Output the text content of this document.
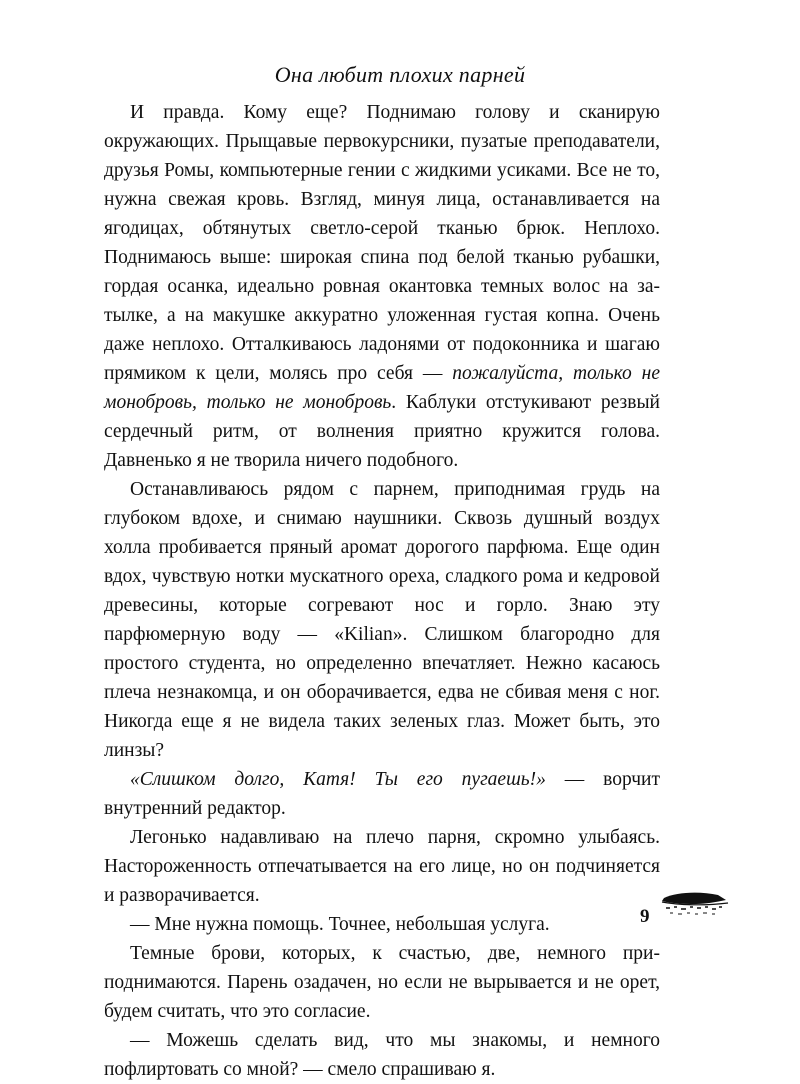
Она любит плохих парней

И правда. Кому еще? Поднимаю голову и сканирую окружающих. Прыщавые первокурсники, пузатые преподаватели, друзья Ромы, компьютерные гении с жидкими усиками. Все не то, нужна свежая кровь. Взгляд, минуя лица, останавливается на ягодицах, обтянутых светло-серой тканью брюк. Неплохо. Поднимаюсь выше: широкая спина под белой тканью рубашки, гордая осанка, идеально ровная окантовка темных волос на затылке, а на макушке аккуратно уложенная густая копна. Очень даже неплохо. Отталкиваюсь ладонями от подоконника и шагаю прямиком к цели, молясь про себя — пожалуйста, только не монобровь, только не монобровь. Каблуки отстукивают резвый сердечный ритм, от волнения приятно кружится голова. Давненько я не творила ничего подобного.

Останавливаюсь рядом с парнем, приподнимая грудь на глубоком вдохе, и снимаю наушники. Сквозь душный воздух холла пробивается пряный аромат дорогого парфюма. Еще один вдох, чувствую нотки мускатного ореха, сладкого рома и кедровой древесины, которые согревают нос и горло. Знаю эту парфюмерную воду — «Kilian». Слишком благородно для простого студента, но определенно впечатляет. Нежно касаюсь плеча незнакомца, и он оборачивается, едва не сбивая меня с ног. Никогда еще я не видела таких зеленых глаз. Может быть, это линзы?

«Слишком долго, Катя! Ты его пугаешь!» — ворчит внутренний редактор.

Легонько надавливаю на плечо парня, скромно улыбаясь. Настороженность отпечатывается на его лице, но он подчиняется и разворачивается.

— Мне нужна помощь. Точнее, небольшая услуга.

Темные брови, которых, к счастью, две, немного приподнимаются. Парень озадачен, но если не вырывается и не орет, будем считать, что это согласие.

— Можешь сделать вид, что мы знакомы, и немного пофлиртовать со мной? — смело спрашиваю я.

9
